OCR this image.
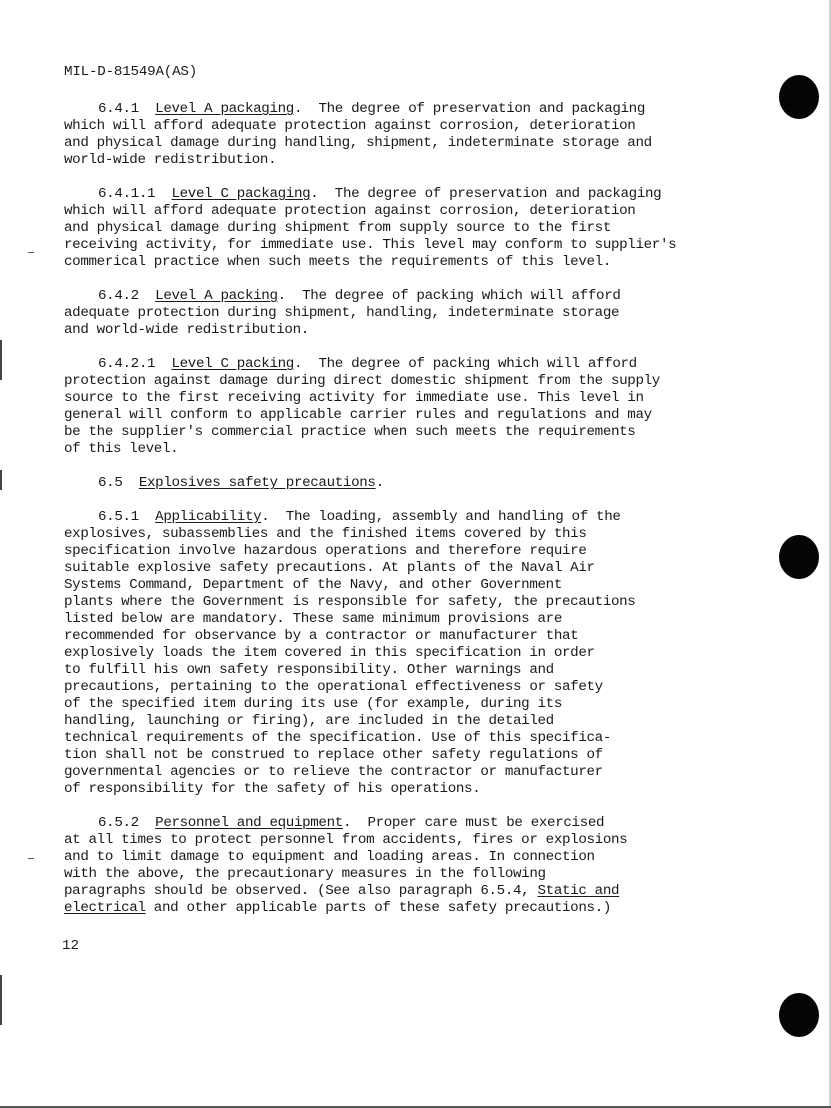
MIL-D-81549A(AS)
6.4.1 Level A packaging.  The degree of preservation and packaging
which will afford adequate protection against corrosion, deterioration
and physical damage during handling, shipment, indeterminate storage and
world-wide redistribution.
6.4.1.1 Level C packaging.  The degree of preservation and packaging
which will afford adequate protection against corrosion, deterioration
and physical damage during shipment from supply source to the first
receiving activity, for immediate use. This level may conform to supplier's
commerical practice when such meets the requirements of this level.
6.4.2 Level A packing.  The degree of packing which will afford
adequate protection during shipment, handling, indeterminate storage
and world-wide redistribution.
6.4.2.1 Level C packing.  The degree of packing which will afford
protection against damage during direct domestic shipment from the supply
source to the first receiving activity for immediate use. This level in
general will conform to applicable carrier rules and regulations and may
be the supplier's commercial practice when such meets the requirements
of this level.
6.5 Explosives safety precautions.
6.5.1 Applicability.  The loading, assembly and handling of the
explosives, subassemblies and the finished items covered by this
specification involve hazardous operations and therefore require
suitable explosive safety precautions. At plants of the Naval Air
Systems Command, Department of the Navy, and other Government
plants where the Government is responsible for safety, the precautions
listed below are mandatory. These same minimum provisions are
recommended for observance by a contractor or manufacturer that
explosively loads the item covered in this specification in order
to fulfill his own safety responsibility. Other warnings and
precautions, pertaining to the operational effectiveness or safety
of the specified item during its use (for example, during its
handling, launching or firing), are included in the detailed
technical requirements of the specification. Use of this specifica-
tion shall not be construed to replace other safety regulations of
governmental agencies or to relieve the contractor or manufacturer
of responsibility for the safety of his operations.
6.5.2 Personnel and equipment.  Proper care must be exercised
at all times to protect personnel from accidents, fires or explosions
and to limit damage to equipment and loading areas. In connection
with the above, the precautionary measures in the following
paragraphs should be observed. (See also paragraph 6.5.4, Static and
electrical and other applicable parts of these safety precautions.)
12
